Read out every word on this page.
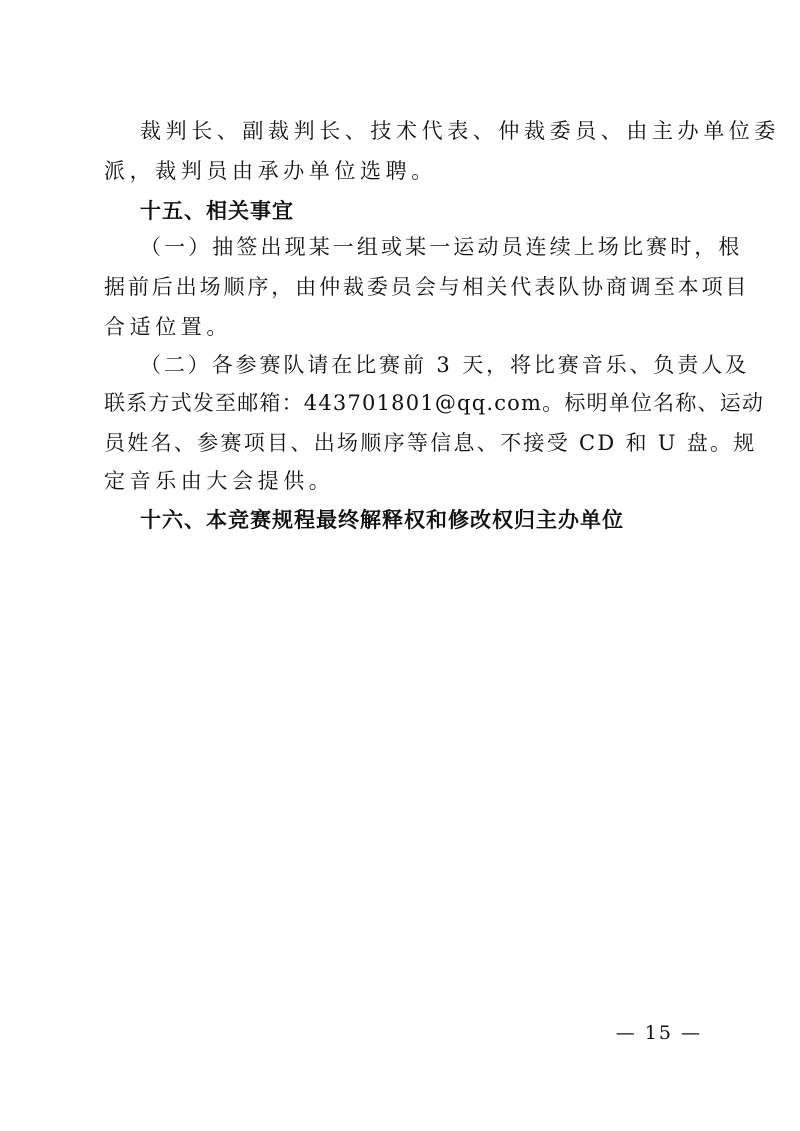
裁判长、副裁判长、技术代表、仲裁委员、由主办单位委
派，裁判员由承办单位选聘。
十五、相关事宜
（一）抽签出现某一组或某一运动员连续上场比赛时，根
据前后出场顺序，由仲裁委员会与相关代表队协商调至本项目
合适位置。
（二）各参赛队请在比赛前 3 天，将比赛音乐、负责人及
联系方式发至邮箱：443701801@qq.com。标明单位名称、运动
员姓名、参赛项目、出场顺序等信息、不接受 CD 和 U 盘。规
定音乐由大会提供。
十六、本竞赛规程最终解释权和修改权归主办单位
— 15 —
